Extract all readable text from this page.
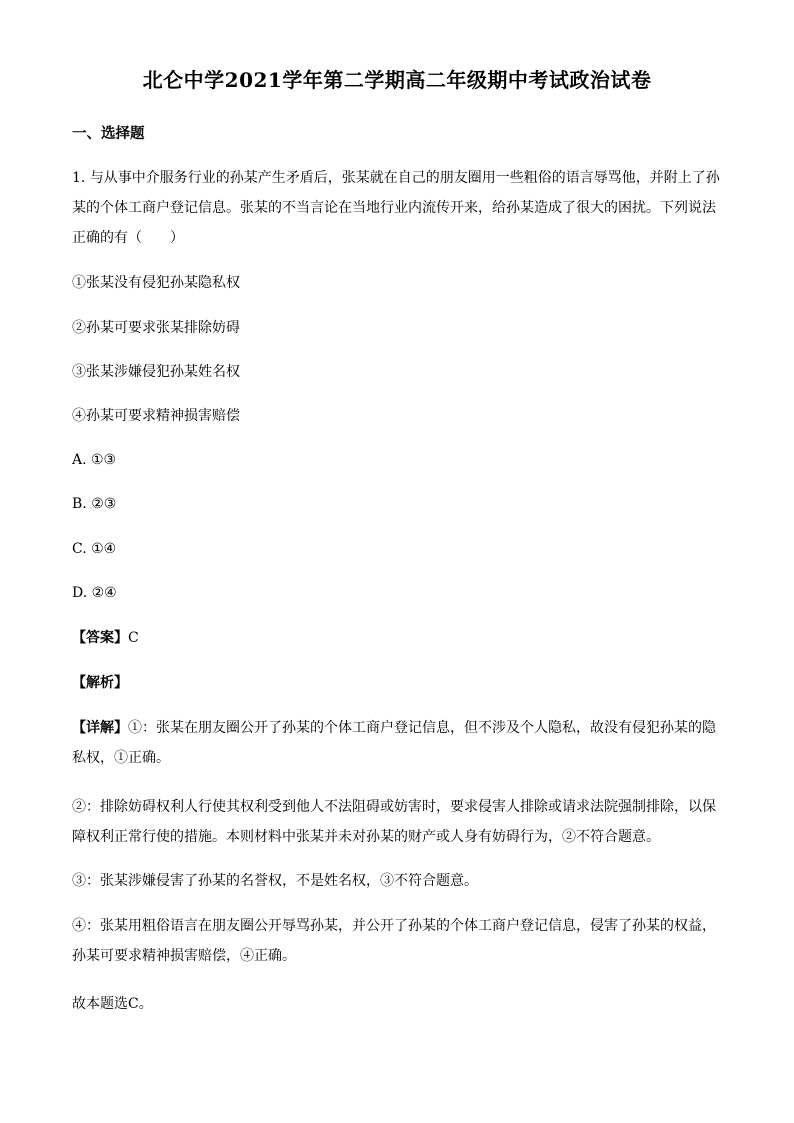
北仑中学2021学年第二学期高二年级期中考试政治试卷
一、选择题
1. 与从事中介服务行业的孙某产生矛盾后，张某就在自己的朋友圈用一些粗俗的语言辱骂他，并附上了孙
某的个体工商户登记信息。张某的不当言论在当地行业内流传开来，给孙某造成了很大的困扰。下列说法
正确的有（　　）
①张某没有侵犯孙某隐私权
②孙某可要求张某排除妨碍
③张某涉嫌侵犯孙某姓名权
④孙某可要求精神损害赔偿
A. ①③
B. ②③
C. ①④
D. ②④
【答案】C
【解析】
【详解】①：张某在朋友圈公开了孙某的个体工商户登记信息，但不涉及个人隐私，故没有侵犯孙某的隐
私权，①正确。
②：排除妨碍权利人行使其权利受到他人不法阻碍或妨害时，要求侵害人排除或请求法院强制排除，以保
障权利正常行使的措施。本则材料中张某并未对孙某的财产或人身有妨碍行为，②不符合题意。
③：张某涉嫌侵害了孙某的名誉权，不是姓名权，③不符合题意。
④：张某用粗俗语言在朋友圈公开辱骂孙某，并公开了孙某的个体工商户登记信息，侵害了孙某的权益，
孙某可要求精神损害赔偿，④正确。
故本题选C。
